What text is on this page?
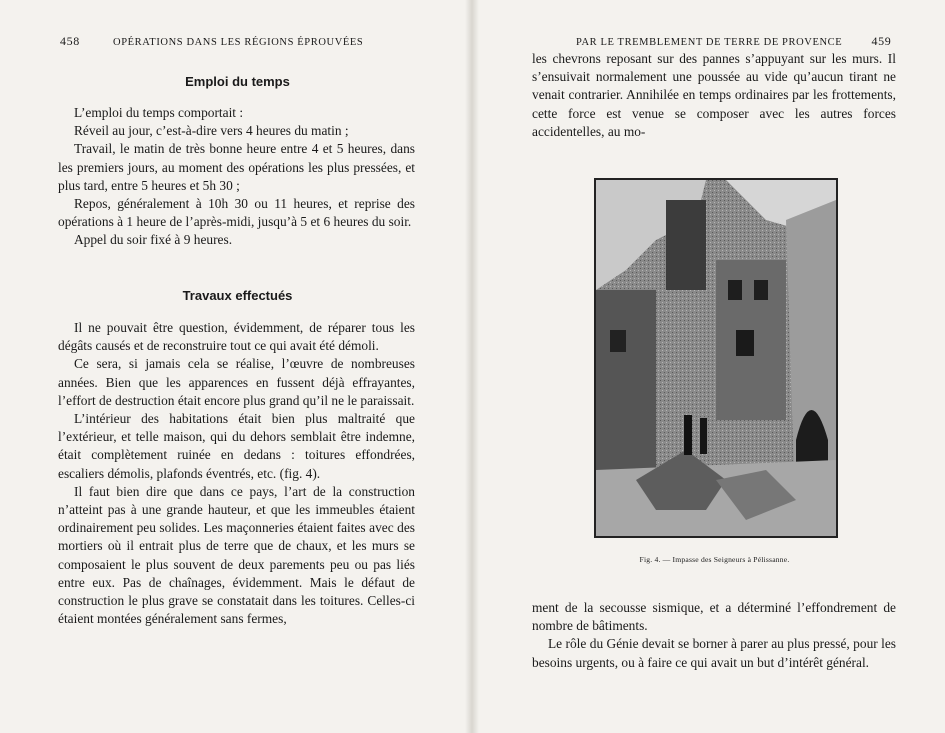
458	OPÉRATIONS DANS LES RÉGIONS ÉPROUVÉES
Emploi du temps

L’emploi du temps comportait :

Réveil au jour, c’est-à-dire vers 4 heures du matin ;

Travail, le matin de très bonne heure entre 4 et 5 heures, dans les premiers jours, au moment des opérations les plus pressées, et plus tard, entre 5 heures et 5h 30 ;

Repos, généralement à 10h 30 ou 11 heures, et reprise des opérations à 1 heure de l’après-midi, jusqu’à 5 et 6 heures du soir.

Appel du soir fixé à 9 heures.

Travaux effectués

Il ne pouvait être question, évidemment, de réparer tous les dégâts causés et de reconstruire tout ce qui avait été démoli.

Ce sera, si jamais cela se réalise, l’œuvre de nombreuses années. Bien que les apparences en fussent déjà effrayantes, l’effort de destruction était encore plus grand qu’il ne le paraissait.

L’intérieur des habitations était bien plus maltraité que l’extérieur, et telle maison, qui du dehors semblait être indemne, était complètement ruinée en dedans : toitures effondrées, escaliers démolis, plafonds éventrés, etc. (fig. 4).

Il faut bien dire que dans ce pays, l’art de la construction n’atteint pas à une grande hauteur, et que les immeubles étaient ordinairement peu solides. Les maçonneries étaient faites avec des mortiers où il entrait plus de terre que de chaux, et les murs se composaient le plus souvent de deux parements peu ou pas liés entre eux. Pas de chaînages, évidemment. Mais le défaut de construction le plus grave se constatait dans les toitures. Celles-ci étaient montées généralement sans fermes,

PAR LE TREMBLEMENT DE TERRE DE PROVENCE 459

les chevrons reposant sur des pannes s’appuyant sur les murs. Il s’ensuivait normalement une poussée au vide qu’aucun tirant ne venait contrarier. Annihilée en temps ordinaires par les frottements, cette force est venue se composer avec les autres forces accidentelles, au mo-

Fig. 4. — Impasse des Seigneurs à Pélissanne.

ment de la secousse sismique, et a déterminé l’effondrement de nombre de bâtiments.

Le rôle du Génie devait se borner à parer au plus pressé, pour les besoins urgents, ou à faire ce qui avait un but d’intérêt général.
